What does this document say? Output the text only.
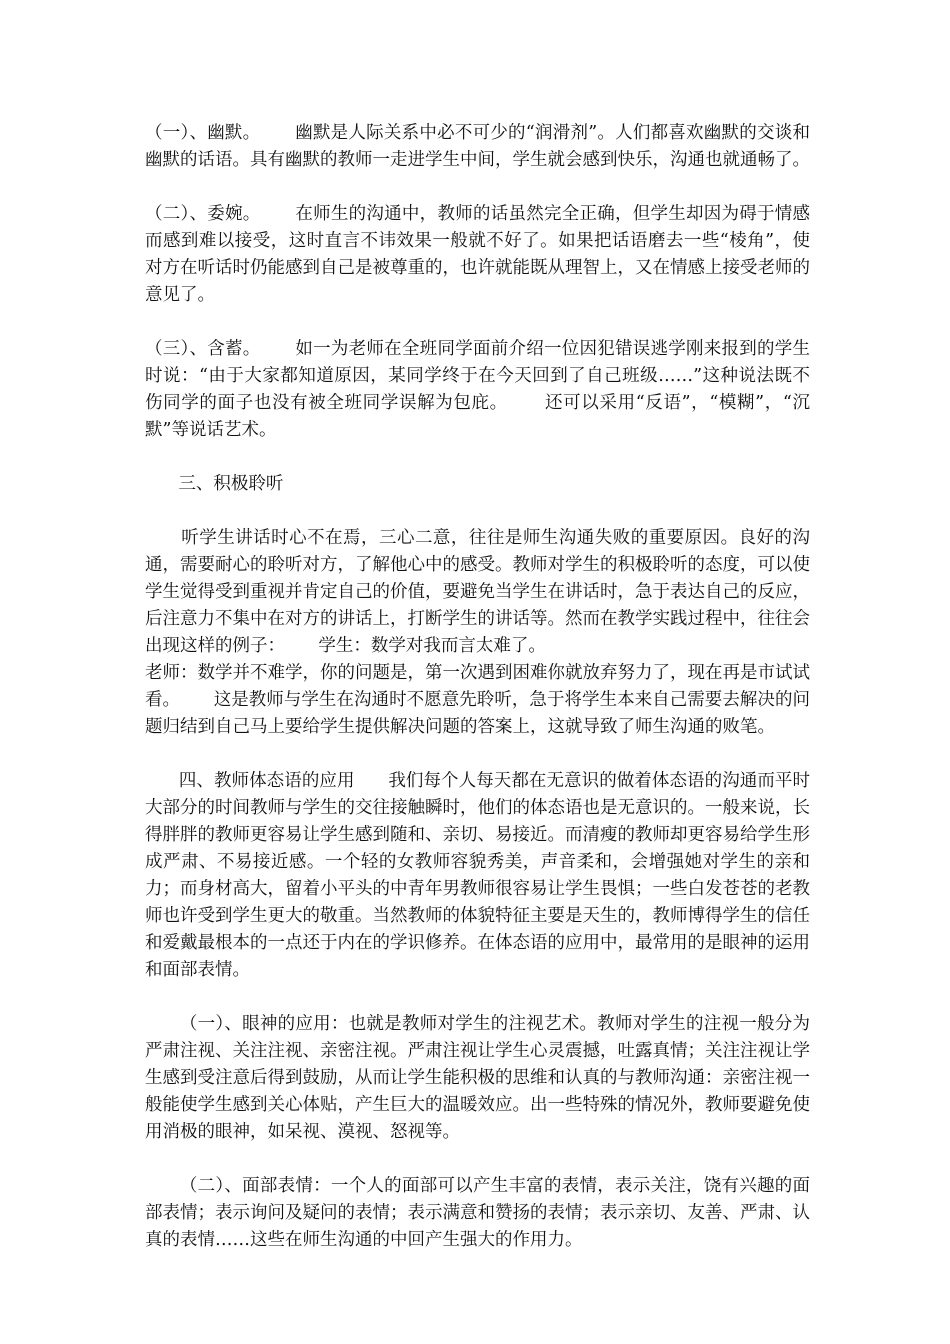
（一）、幽默。      幽默是人际关系中必不可少的“润滑剂”。人们都喜欢幽默的交谈和幽默的话语。具有幽默的教师一走进学生中间，学生就会感到快乐，沟通也就通畅了。

（二）、委婉。      在师生的沟通中，教师的话虽然完全正确，但学生却因为碍于情感而感到难以接受，这时直言不讳效果一般就不好了。如果把话语磨去一些“棱角”，使对方在听话时仍能感到自己是被尊重的，也许就能既从理智上，又在情感上接受老师的意见了。

（三）、含蓄。      如一为老师在全班同学面前介绍一位因犯错误逃学刚来报到的学生时说：“由于大家都知道原因，某同学终于在今天回到了自己班级……”这种说法既不伤同学的面子也没有被全班同学误解为包庇。      还可以采用“反语”，“模糊”，“沉默”等说话艺术。

三、积极聆听

听学生讲话时心不在焉，三心二意，往往是师生沟通失败的重要原因。良好的沟通，需要耐心的聆听对方，了解他心中的感受。教师对学生的积极聆听的态度，可以使学生觉得受到重视并肯定自己的价值，要避免当学生在讲话时，急于表达自己的反应，后注意力不集中在对方的讲话上，打断学生的讲话等。然而在教学实践过程中，往往会出现这样的例子：      学生：数学对我而言太难了。
老师：数学并不难学，你的问题是，第一次遇到困难你就放弃努力了，现在再是市试试看。      这是教师与学生在沟通时不愿意先聆听，急于将学生本来自己需要去解决的问题归结到自己马上要给学生提供解决问题的答案上，这就导致了师生沟通的败笔。

四、教师体态语的应用      我们每个人每天都在无意识的做着体态语的沟通而平时大部分的时间教师与学生的交往接触瞬时，他们的体态语也是无意识的。一般来说，长得胖胖的教师更容易让学生感到随和、亲切、易接近。而清瘦的教师却更容易给学生形成严肃、不易接近感。一个轻的女教师容貌秀美，声音柔和，会增强她对学生的亲和力；而身材高大，留着小平头的中青年男教师很容易让学生畏惧；一些白发苍苍的老教师也许受到学生更大的敬重。当然教师的体貌特征主要是天生的，教师博得学生的信任和爱戴最根本的一点还于内在的学识修养。在体态语的应用中，最常用的是眼神的运用和面部表情。

（一）、眼神的应用：也就是教师对学生的注视艺术。教师对学生的注视一般分为严肃注视、关注注视、亲密注视。严肃注视让学生心灵震撼，吐露真情；关注注视让学生感到受注意后得到鼓励，从而让学生能积极的思维和认真的与教师沟通：亲密注视一般能使学生感到关心体贴，产生巨大的温暖效应。出一些特殊的情况外，教师要避免使用消极的眼神，如呆视、漠视、怒视等。

（二）、面部表情：一个人的面部可以产生丰富的表情，表示关注，饶有兴趣的面部表情；表示询问及疑问的表情；表示满意和赞扬的表情；表示亲切、友善、严肃、认真的表情……这些在师生沟通的中回产生强大的作用力。
